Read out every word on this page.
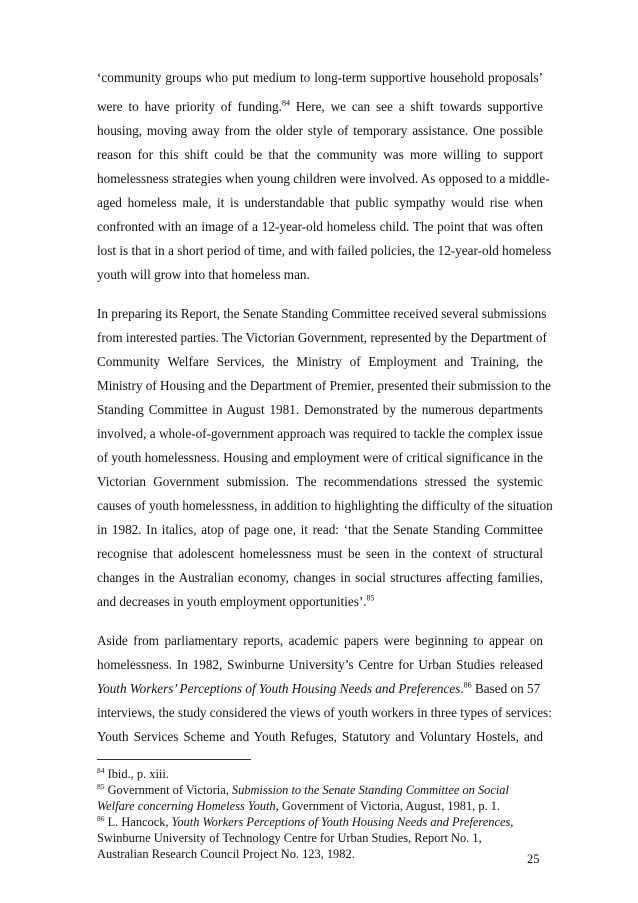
‘community groups who put medium to long-term supportive household proposals’
were to have priority of funding.$^{84}$ Here, we can see a shift towards supportive
housing, moving away from the older style of temporary assistance. One possible
reason for this shift could be that the community was more willing to support
homelessness strategies when young children were involved. As opposed to a middle-
aged homeless male, it is understandable that public sympathy would rise when
confronted with an image of a 12-year-old homeless child. The point that was often
lost is that in a short period of time, and with failed policies, the 12-year-old homeless
youth will grow into that homeless man.
In preparing its Report, the Senate Standing Committee received several submissions
from interested parties. The Victorian Government, represented by the Department of
Community Welfare Services, the Ministry of Employment and Training, the
Ministry of Housing and the Department of Premier, presented their submission to the
Standing Committee in August 1981. Demonstrated by the numerous departments
involved, a whole-of-government approach was required to tackle the complex issue
of youth homelessness. Housing and employment were of critical significance in the
Victorian Government submission. The recommendations stressed the systemic
causes of youth homelessness, in addition to highlighting the difficulty of the situation
in 1982. In italics, atop of page one, it read: ‘that the Senate Standing Committee
recognise that adolescent homelessness must be seen in the context of structural
changes in the Australian economy, changes in social structures affecting families,
and decreases in youth employment opportunities’.$^{85}$
Aside from parliamentary reports, academic papers were beginning to appear on
homelessness. In 1982, Swinburne University’s Centre for Urban Studies released
Youth Workers’ Perceptions of Youth Housing Needs and Preferences.$^{86}$ Based on 57
interviews, the study considered the views of youth workers in three types of services:
Youth Services Scheme and Youth Refuges, Statutory and Voluntary Hostels, and
$^{84}$ Ibid., p. xiii.
$^{85}$ Government of Victoria, Submission to the Senate Standing Committee on Social
Welfare concerning Homeless Youth, Government of Victoria, August, 1981, p. 1.
$^{86}$ L. Hancock, Youth Workers Perceptions of Youth Housing Needs and Preferences,
Swinburne University of Technology Centre for Urban Studies, Report No. 1,
Australian Research Council Project No. 123, 1982.	25
